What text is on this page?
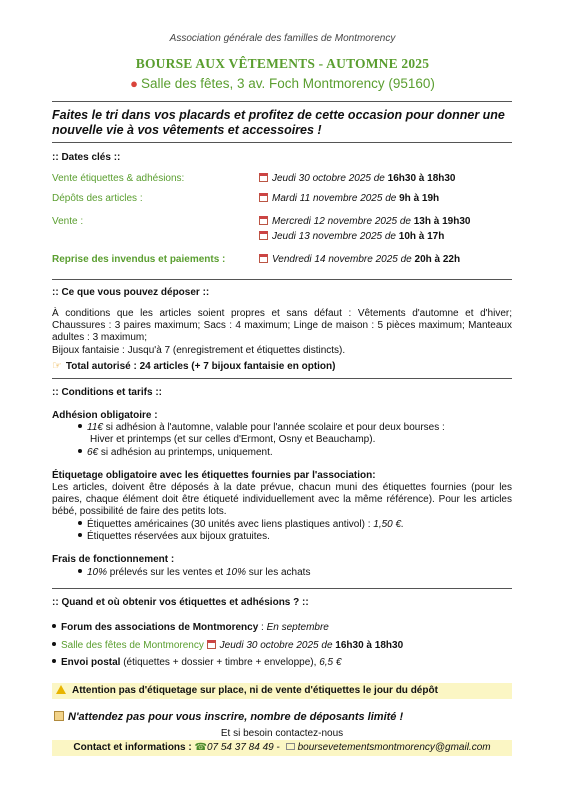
Association générale des familles de Montmorency
BOURSE AUX VÊTEMENTS - AUTOMNE 2025
● Salle des fêtes, 3 av. Foch Montmorency (95160)
Faites le tri dans vos placards et profitez de cette occasion pour donner une nouvelle vie à vos vêtements et accessoires !
:: Dates clés ::
Vente étiquettes & adhésions:	Jeudi 30 octobre 2025 de 16h30 à 18h30
Dépôts des articles :	Mardi 11 novembre 2025 de 9h à 19h
Vente :	Mercredi 12 novembre 2025 de 13h à 19h30
Jeudi 13 novembre 2025 de 10h à 17h
Reprise des invendus et paiements :	Vendredi 14 novembre 2025 de 20h à 22h
:: Ce que vous pouvez déposer ::
À conditions que les articles soient propres et sans défaut : Vêtements d'automne et d'hiver; Chaussures : 3 paires maximum; Sacs : 4 maximum; Linge de maison : 5 pièces maximum; Manteaux adultes : 3 maximum;
Bijoux fantaisie : Jusqu'à 7 (enregistrement et étiquettes distincts).
☞ Total autorisé : 24 articles (+ 7 bijoux fantaisie en option)
:: Conditions et tarifs ::
Adhésion obligatoire :
11€ si adhésion à l'automne, valable pour l'année scolaire et pour deux bourses :
Hiver et printemps (et sur celles d'Ermont, Osny et Beauchamp).
6€ si adhésion au printemps, uniquement.
Étiquetage obligatoire avec les étiquettes fournies par l'association:
Les articles, doivent être déposés à la date prévue, chacun muni des étiquettes fournies (pour les paires, chaque élément doit être étiqueté individuellement avec la même référence). Pour les articles bébé, possibilité de faire des petits lots.
Étiquettes américaines (30 unités avec liens plastiques antivol) : 1,50 €.
Étiquettes réservées aux bijoux gratuites.
Frais de fonctionnement :
10% prélevés sur les ventes et 10% sur les achats
:: Quand et où obtenir vos étiquettes et adhésions ? ::
Forum des associations de Montmorency : En septembre
Salle des fêtes de Montmorency Jeudi 30 octobre 2025 de 16h30 à 18h30
Envoi postal (étiquettes + dossier + timbre + enveloppe), 6,5 €
Attention pas d'étiquetage sur place, ni de vente d'étiquettes le jour du dépôt
N'attendez pas pour vous inscrire, nombre de déposants limité !
Et si besoin contactez-nous
Contact et informations : ☎07 54 37 84 49 - boursevetementsmontmorency@gmail.com
